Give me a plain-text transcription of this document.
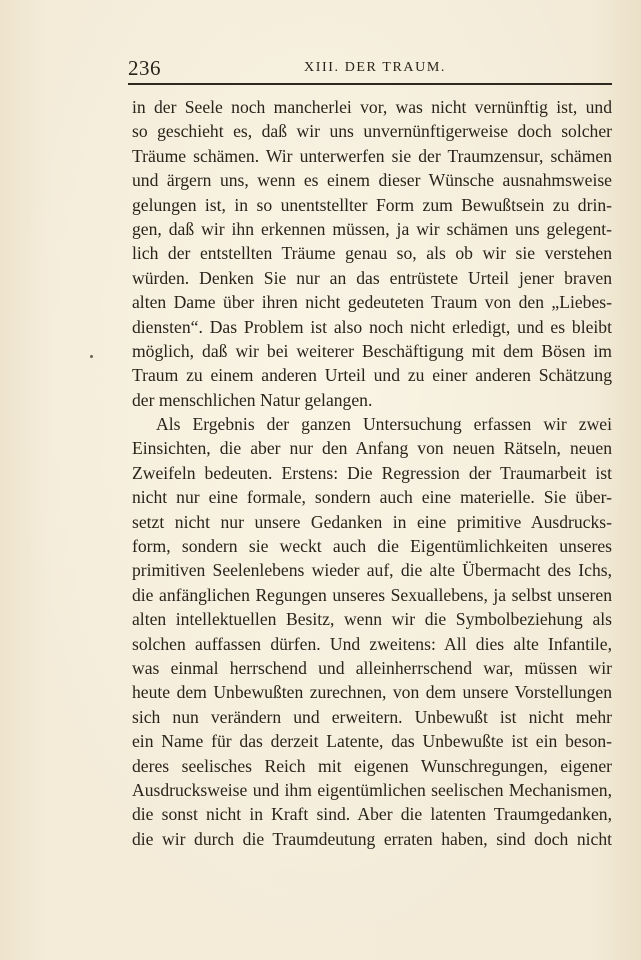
236	XIII. DER TRAUM.
in der Seele noch mancherlei vor, was nicht vernünftig ist, und
so geschieht es, daß wir uns unvernünftigerweise doch solcher
Träume schämen. Wir unterwerfen sie der Traumzensur, schämen
und ärgern uns, wenn es einem dieser Wünsche ausnahmsweise
gelungen ist, in so unentstellter Form zum Bewußtsein zu drin-
gen, daß wir ihn erkennen müssen, ja wir schämen uns gelegent-
lich der entstellten Träume genau so, als ob wir sie verstehen
würden. Denken Sie nur an das entrüstete Urteil jener braven
alten Dame über ihren nicht gedeuteten Traum von den „Liebes-
diensten“. Das Problem ist also noch nicht erledigt, und es bleibt
möglich, daß wir bei weiterer Beschäftigung mit dem Bösen im
Traum zu einem anderen Urteil und zu einer anderen Schätzung
der menschlichen Natur gelangen.
Als Ergebnis der ganzen Untersuchung erfassen wir zwei
Einsichten, die aber nur den Anfang von neuen Rätseln, neuen
Zweifeln bedeuten. Erstens: Die Regression der Traumarbeit ist
nicht nur eine formale, sondern auch eine materielle. Sie über-
setzt nicht nur unsere Gedanken in eine primitive Ausdrucks-
form, sondern sie weckt auch die Eigentümlichkeiten unseres
primitiven Seelenlebens wieder auf, die alte Übermacht des Ichs,
die anfänglichen Regungen unseres Sexuallebens, ja selbst unseren
alten intellektuellen Besitz, wenn wir die Symbolbeziehung als
solchen auffassen dürfen. Und zweitens: All dies alte Infantile,
was einmal herrschend und alleinherrschend war, müssen wir
heute dem Unbewußten zurechnen, von dem unsere Vorstellungen
sich nun verändern und erweitern. Unbewußt ist nicht mehr
ein Name für das derzeit Latente, das Unbewußte ist ein beson-
deres seelisches Reich mit eigenen Wunschregungen, eigener
Ausdrucksweise und ihm eigentümlichen seelischen Mechanismen,
die sonst nicht in Kraft sind. Aber die latenten Traumgedanken,
die wir durch die Traumdeutung erraten haben, sind doch nicht
